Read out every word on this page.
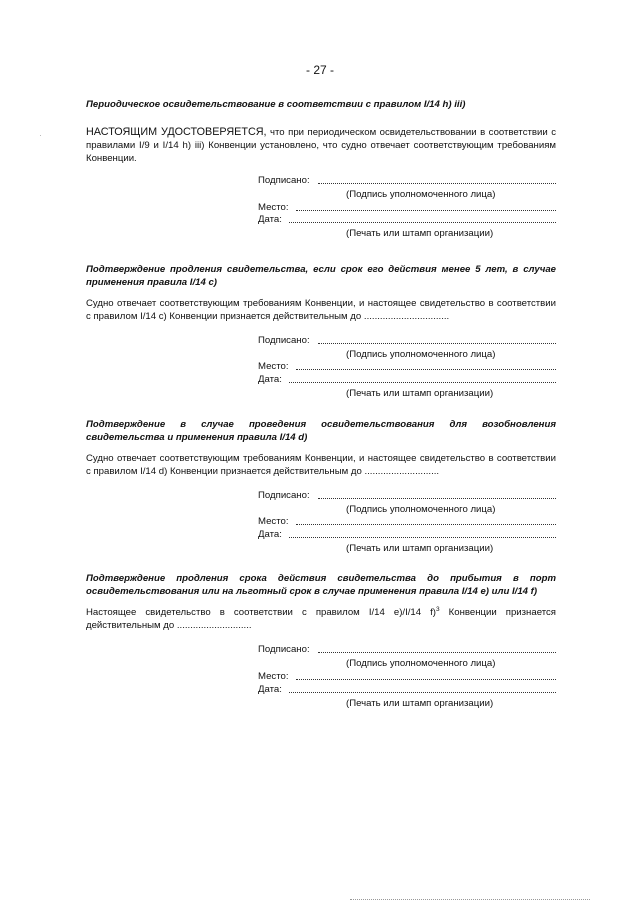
- 27 -
Периодическое освидетельствование в соответствии с правилом I/14 h) iii)
НАСТОЯЩИМ УДОСТОВЕРЯЕТСЯ, что при периодическом освидетельствовании в соответствии с правилами I/9 и I/14 h) iii) Конвенции установлено, что судно отвечает соответствующим требованиям Конвенции.
Подписано:
(Подпись уполномоченного лица)
Место:
Дата:
(Печать или штамп организации)
Подтверждение продления свидетельства, если срок его действия менее 5 лет, в случае применения правила I/14 c)
Судно отвечает соответствующим требованиям Конвенции, и настоящее свидетельство в соответствии с правилом I/14 c) Конвенции признается действительным до ................................
Подписано:
(Подпись уполномоченного лица)
Место:
Дата:
(Печать или штамп организации)
Подтверждение в случае проведения освидетельствования для возобновления свидетельства и применения правила I/14 d)
Судно отвечает соответствующим требованиям Конвенции, и настоящее свидетельство в соответствии с правилом I/14 d) Конвенции признается действительным до ............................
Подписано:
(Подпись уполномоченного лица)
Место:
Дата:
(Печать или штамп организации)
Подтверждение продления срока действия свидетельства до прибытия в порт освидетельствования или на льготный срок в случае применения правила I/14 e) или I/14 f)
Настоящее свидетельство в соответствии с правилом I/14 e)/I/14 f)$^3$ Конвенции признается действительным до ............................
Подписано:
(Подпись уполномоченного лица)
Место:
Дата:
(Печать или штамп организации)
